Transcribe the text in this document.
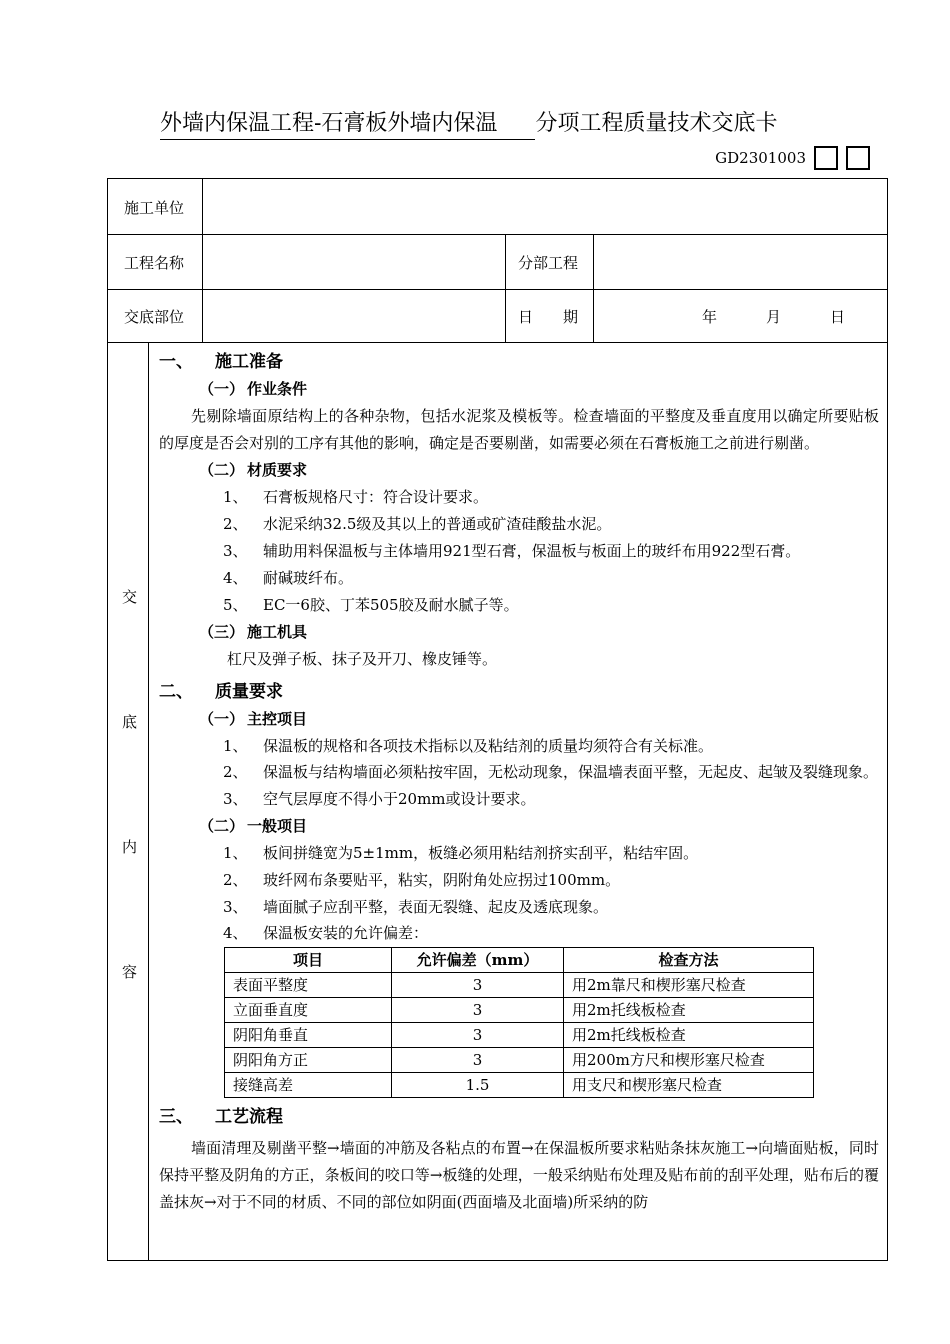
外墙内保温工程-石膏板外墙内保温 分项工程质量技术交底卡
GD2301003
施工单位
工程名称	分部工程
交底部位	日　　期	年	月	日
交
底
内
容
一、 施工准备
（一） 作业条件
先剔除墙面原结构上的各种杂物，包括水泥浆及模板等。检查墙面的平整度及垂直度用以确定所要贴板的厚度是否会对别的工序有其他的影响，确定是否要剔凿，如需要必须在石膏板施工之前进行剔凿。
（二） 材质要求
1、	石膏板规格尺寸：符合设计要求。
2、	水泥采纳32.5级及其以上的普通或矿渣硅酸盐水泥。
3、	辅助用料保温板与主体墙用921型石膏，保温板与板面上的玻纤布用922型石膏。
4、	耐碱玻纤布。
5、	EC一6胶、丁苯505胶及耐水腻子等。
（三） 施工机具
杠尺及弹子板、抹子及开刀、橡皮锤等。
二、 质量要求
（一） 主控项目
1、	保温板的规格和各项技术指标以及粘结剂的质量均须符合有关标准。
2、	保温板与结构墙面必须粘按牢固，无松动现象，保温墙表面平整，无起皮、起皱及裂缝现象。
3、	空气层厚度不得小于20mm或设计要求。
（二） 一般项目
1、	板间拼缝宽为5±1mm，板缝必须用粘结剂挤实刮平，粘结牢固。
2、	玻纤网布条要贴平，粘实，阴附角处应拐过100mm。
3、	墙面腻子应刮平整，表面无裂缝、起皮及透底现象。
4、	保温板安装的允许偏差：
项目	允许偏差（mm）	检查方法
表面平整度	3	用2m靠尺和楔形塞尺检查
立面垂直度	3	用2m托线板检查
阴阳角垂直	3	用2m托线板检查
阴阳角方正	3	用200m方尺和楔形塞尺检查
接缝高差	1.5	用支尺和楔形塞尺检查
三、 工艺流程
墙面清理及剔凿平整→墙面的冲筋及各粘点的布置→在保温板所要求粘贴条抹灰施工→向墙面贴板，同时保持平整及阴角的方正，条板间的咬口等→板缝的处理，一般采纳贴布处理及贴布前的刮平处理，贴布后的覆盖抹灰→对于不同的材质、不同的部位如阴面(西面墙及北面墙)所采纳的防
